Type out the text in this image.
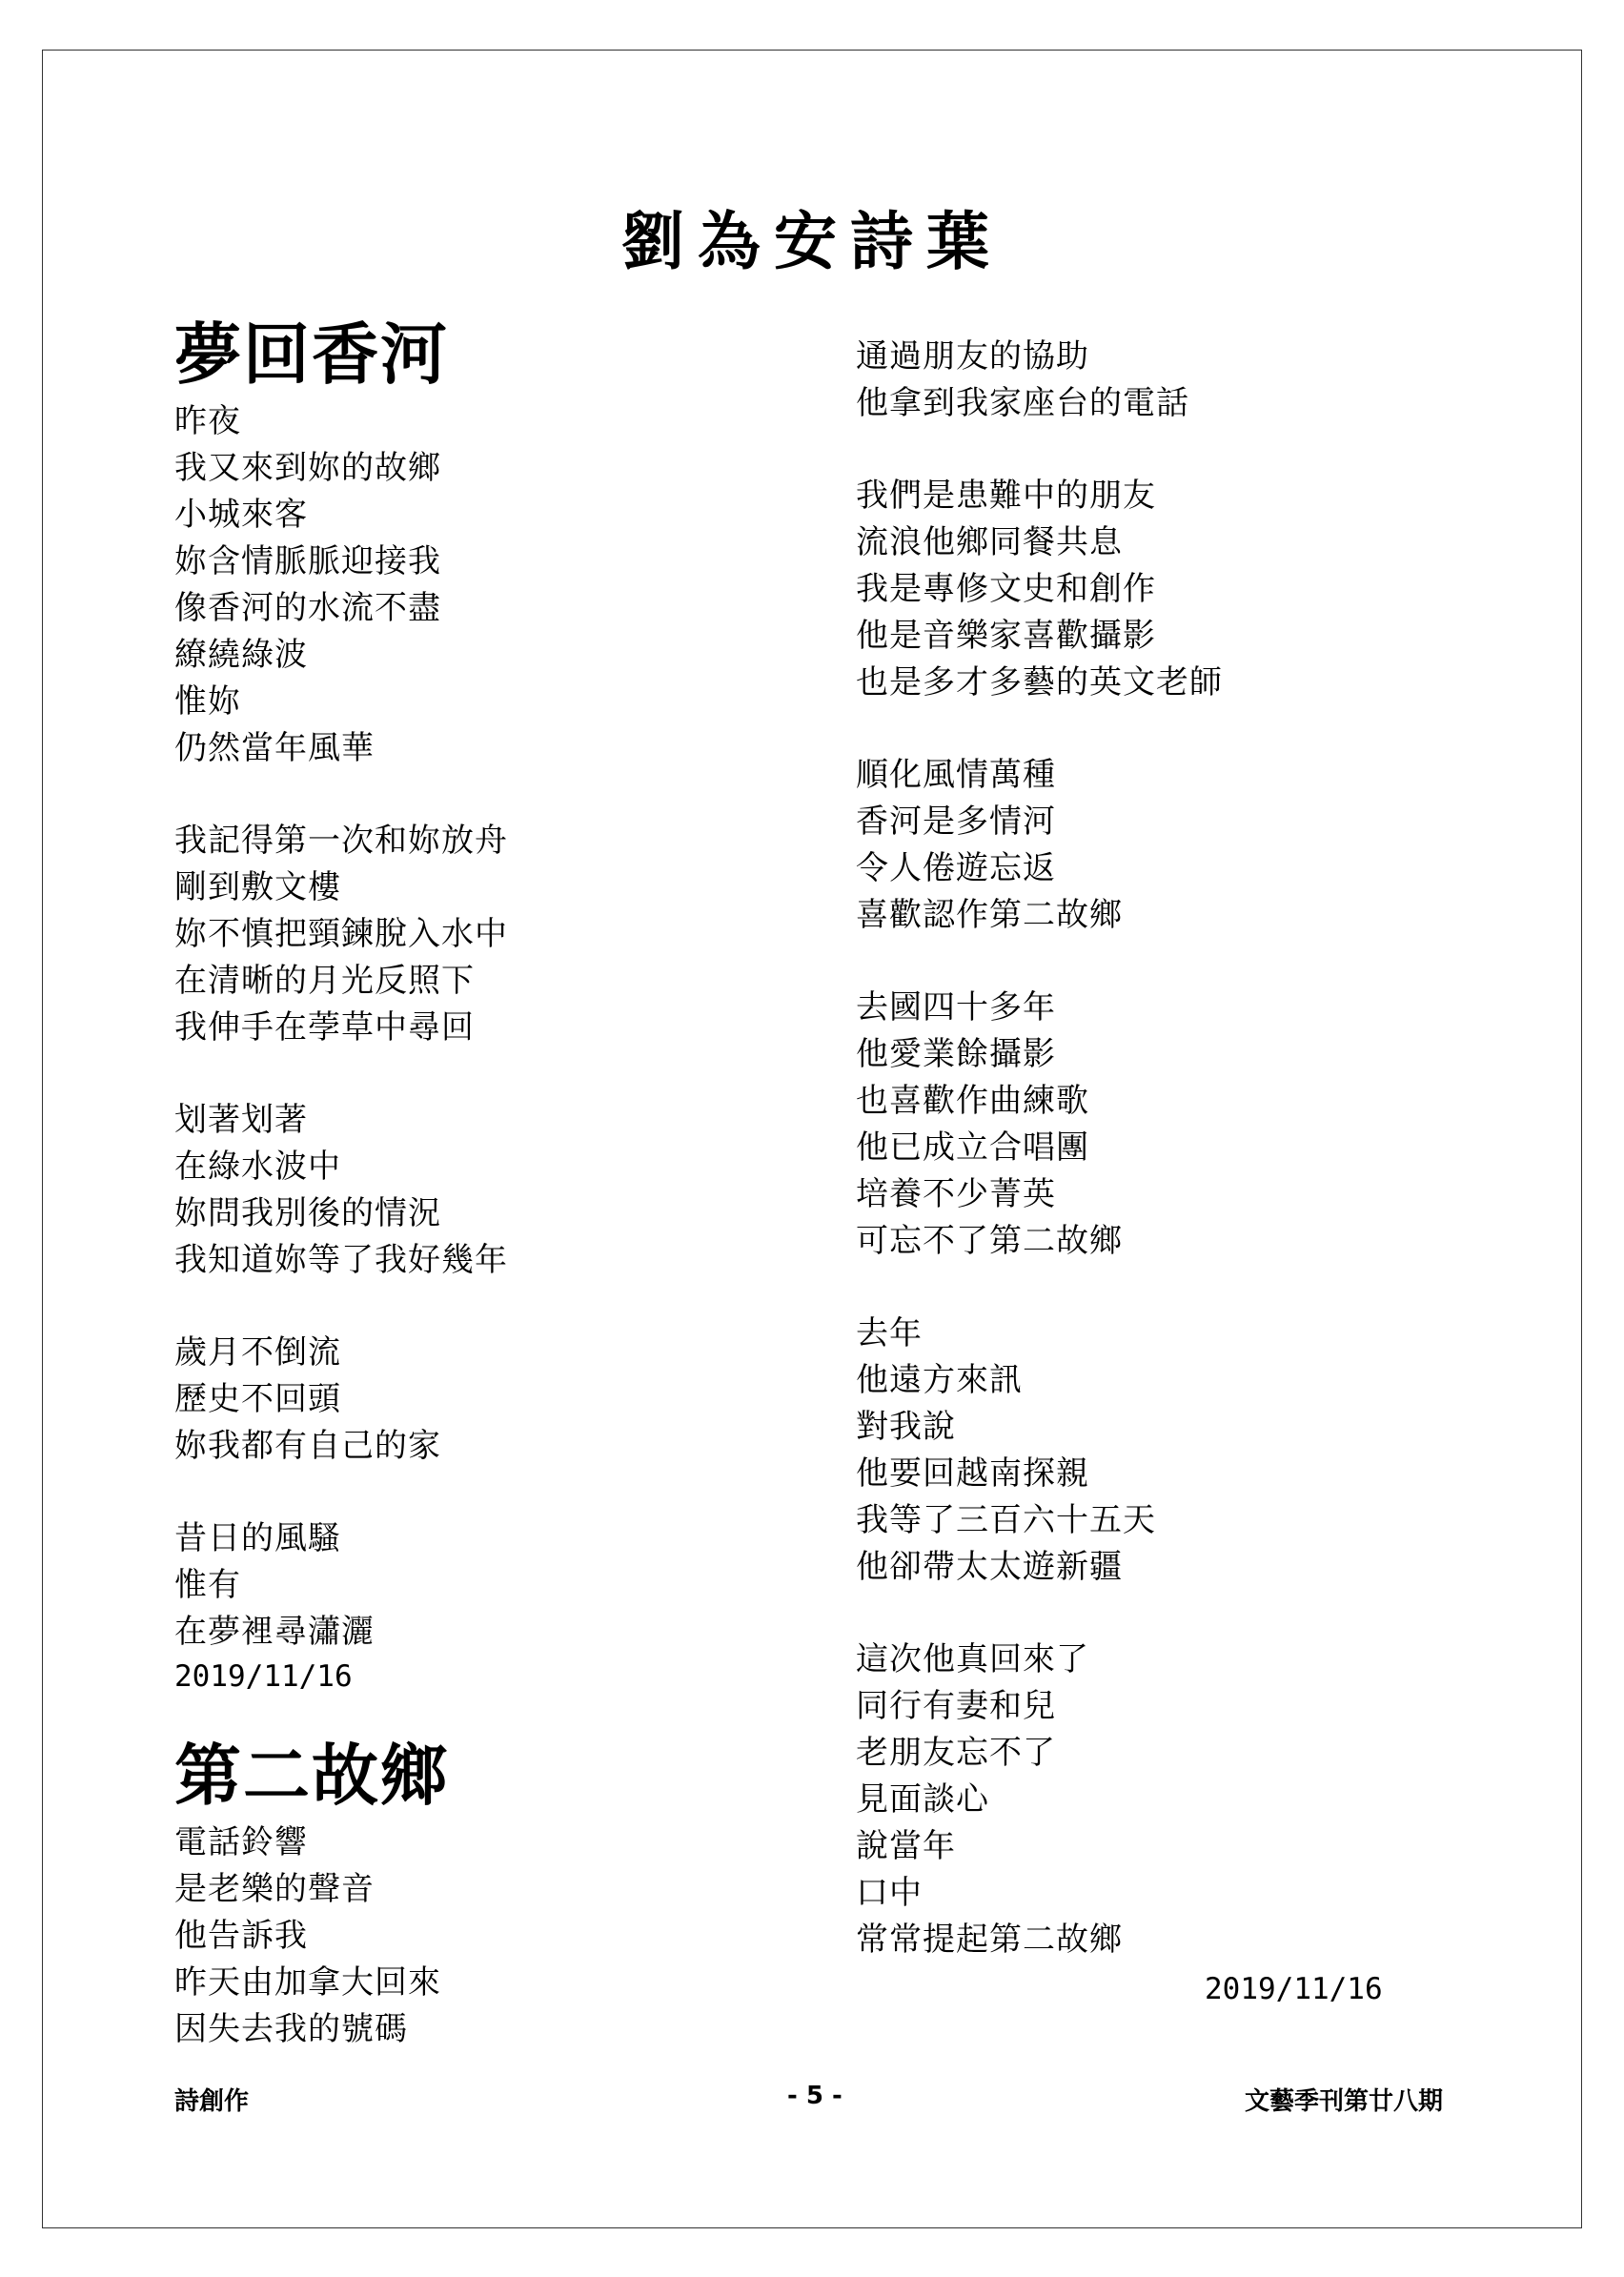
劉為安詩葉
夢回香河
昨夜
我又來到妳的故鄉
小城來客
妳含情脈脈迎接我
像香河的水流不盡
繚繞綠波
惟妳
仍然當年風華
我記得第一次和妳放舟
剛到敷文樓
妳不慎把頸鍊脫入水中
在清晰的月光反照下
我伸手在荸草中尋回
划著划著
在綠水波中
妳問我別後的情況
我知道妳等了我好幾年
歲月不倒流
歷史不回頭
妳我都有自己的家
昔日的風騷
惟有
在夢裡尋瀟灑
2019/11/16
第二故鄉
電話鈴響
是老樂的聲音
他告訴我
昨天由加拿大回來
因失去我的號碼
通過朋友的協助
他拿到我家座台的電話
我們是患難中的朋友
流浪他鄉同餐共息
我是專修文史和創作
他是音樂家喜歡攝影
也是多才多藝的英文老師
順化風情萬種
香河是多情河
令人倦遊忘返
喜歡認作第二故鄉
去國四十多年
他愛業餘攝影
也喜歡作曲練歌
他已成立合唱團
培養不少菁英
可忘不了第二故鄉
去年
他遠方來訊
對我說
他要回越南探親
我等了三百六十五天
他卻帶太太遊新疆
這次他真回來了
同行有妻和兒
老朋友忘不了
見面談心
說當年
口中
常常提起第二故鄉
2019/11/16
詩創作	- 5 -	文藝季刊第廿八期
